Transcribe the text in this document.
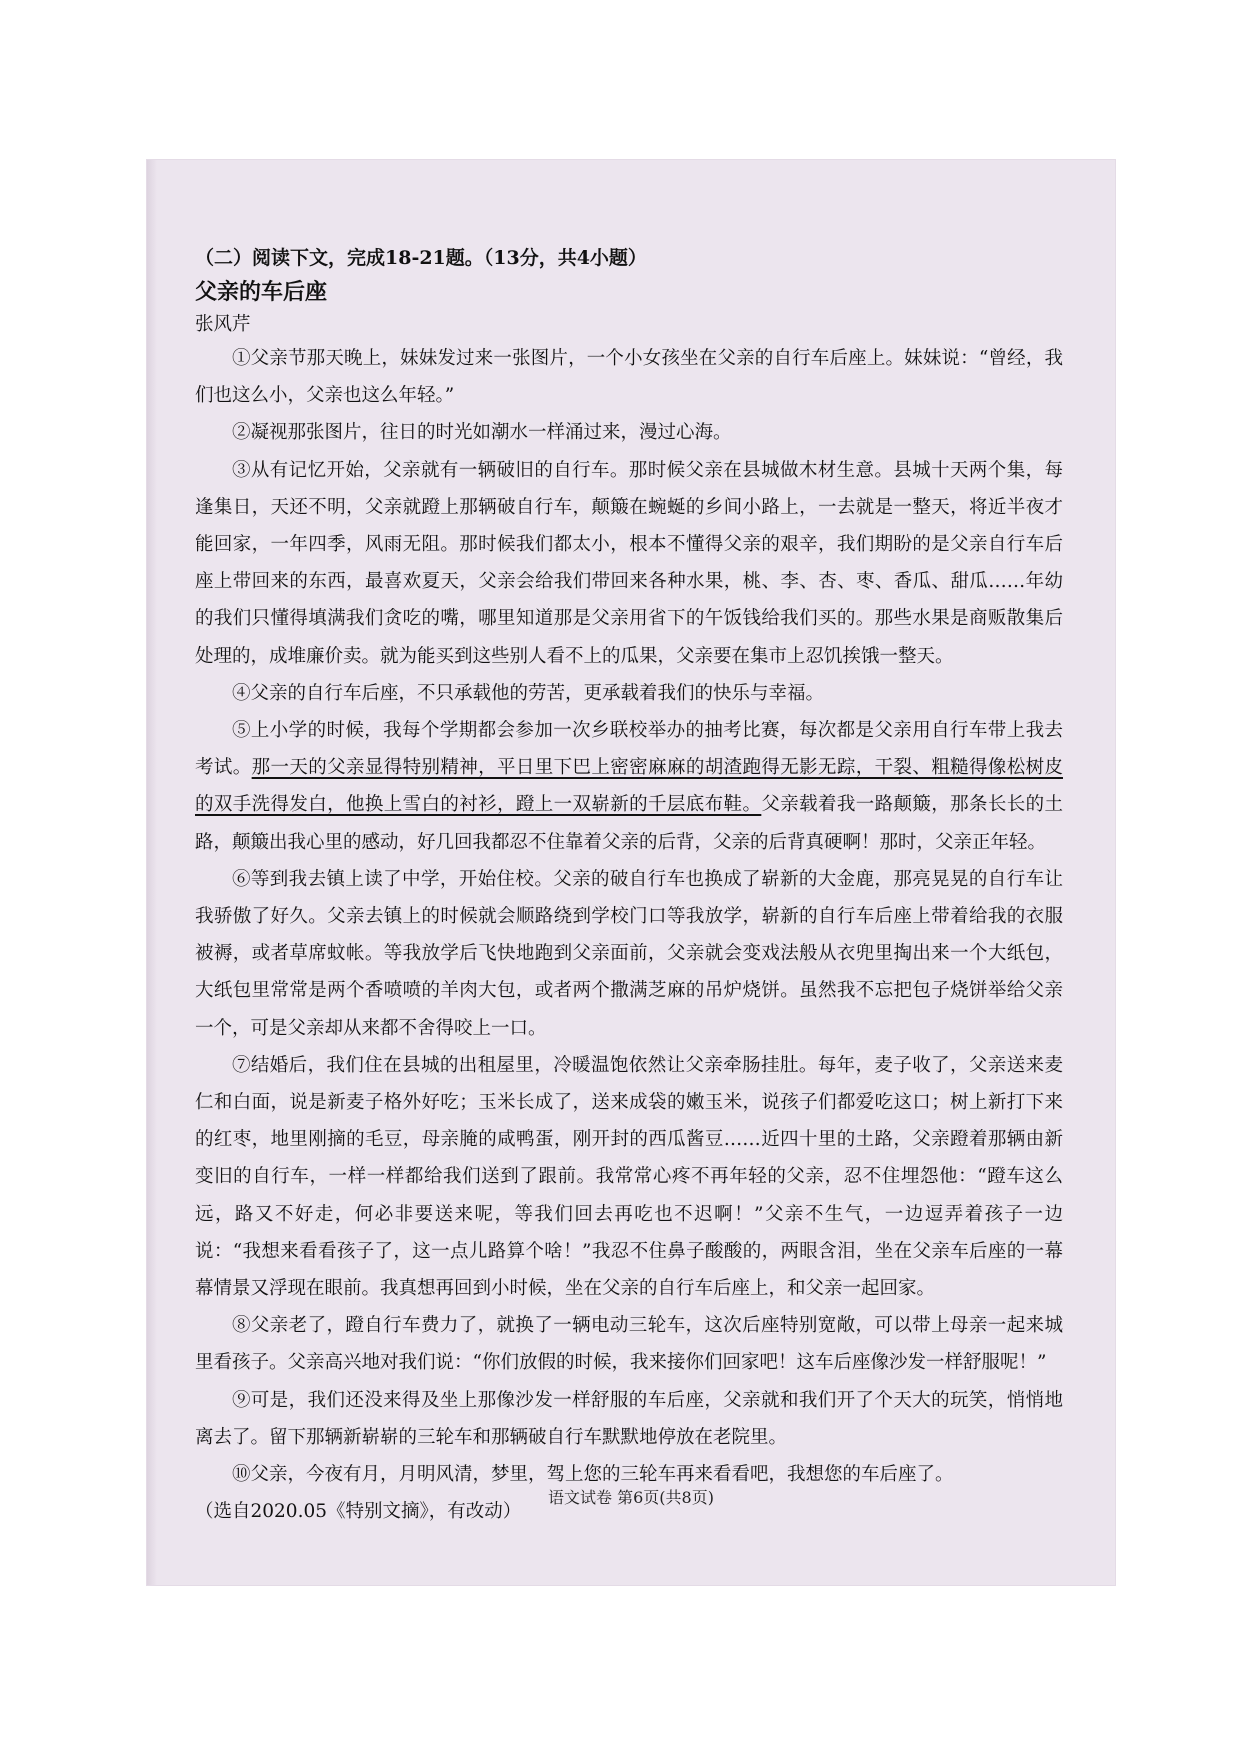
（二）阅读下文，完成18-21题。（13分，共4小题）

父亲的车后座

张风芹

①父亲节那天晚上，妹妹发过来一张图片，一个小女孩坐在父亲的自行车后座上。妹妹说：“曾经，我们也这么小，父亲也这么年轻。”

②凝视那张图片，往日的时光如潮水一样涌过来，漫过心海。

③从有记忆开始，父亲就有一辆破旧的自行车。那时候父亲在县城做木材生意。县城十天两个集，每逢集日，天还不明，父亲就蹬上那辆破自行车，颠簸在蜿蜒的乡间小路上，一去就是一整天，将近半夜才能回家，一年四季，风雨无阻。那时候我们都太小，根本不懂得父亲的艰辛，我们期盼的是父亲自行车后座上带回来的东西，最喜欢夏天，父亲会给我们带回来各种水果，桃、李、杏、枣、香瓜、甜瓜……年幼的我们只懂得填满我们贪吃的嘴，哪里知道那是父亲用省下的午饭钱给我们买的。那些水果是商贩散集后处理的，成堆廉价卖。就为能买到这些别人看不上的瓜果，父亲要在集市上忍饥挨饿一整天。

④父亲的自行车后座，不只承载他的劳苦，更承载着我们的快乐与幸福。

⑤上小学的时候，我每个学期都会参加一次乡联校举办的抽考比赛，每次都是父亲用自行车带上我去考试。那一天的父亲显得特别精神，平日里下巴上密密麻麻的胡渣跑得无影无踪，干裂、粗糙得像松树皮的双手洗得发白，他换上雪白的衬衫，蹬上一双崭新的千层底布鞋。父亲载着我一路颠簸，那条长长的土路，颠簸出我心里的感动，好几回我都忍不住靠着父亲的后背，父亲的后背真硬啊！那时，父亲正年轻。

⑥等到我去镇上读了中学，开始住校。父亲的破自行车也换成了崭新的大金鹿，那亮晃晃的自行车让我骄傲了好久。父亲去镇上的时候就会顺路绕到学校门口等我放学，崭新的自行车后座上带着给我的衣服被褥，或者草席蚊帐。等我放学后飞快地跑到父亲面前，父亲就会变戏法般从衣兜里掏出来一个大纸包，大纸包里常常是两个香喷喷的羊肉大包，或者两个撒满芝麻的吊炉烧饼。虽然我不忘把包子烧饼举给父亲一个，可是父亲却从来都不舍得咬上一口。

⑦结婚后，我们住在县城的出租屋里，冷暖温饱依然让父亲牵肠挂肚。每年，麦子收了，父亲送来麦仁和白面，说是新麦子格外好吃；玉米长成了，送来成袋的嫩玉米，说孩子们都爱吃这口；树上新打下来的红枣，地里刚摘的毛豆，母亲腌的咸鸭蛋，刚开封的西瓜酱豆……近四十里的土路，父亲蹬着那辆由新变旧的自行车，一样一样都给我们送到了跟前。我常常心疼不再年轻的父亲，忍不住埋怨他：“蹬车这么远，路又不好走，何必非要送来呢，等我们回去再吃也不迟啊！”父亲不生气，一边逗弄着孩子一边说：“我想来看看孩子了，这一点儿路算个啥！”我忍不住鼻子酸酸的，两眼含泪，坐在父亲车后座的一幕幕情景又浮现在眼前。我真想再回到小时候，坐在父亲的自行车后座上，和父亲一起回家。

⑧父亲老了，蹬自行车费力了，就换了一辆电动三轮车，这次后座特别宽敞，可以带上母亲一起来城里看孩子。父亲高兴地对我们说：“你们放假的时候，我来接你们回家吧！这车后座像沙发一样舒服呢！”

⑨可是，我们还没来得及坐上那像沙发一样舒服的车后座，父亲就和我们开了个天大的玩笑，悄悄地离去了。留下那辆新崭崭的三轮车和那辆破自行车默默地停放在老院里。

⑩父亲，今夜有月，月明风清，梦里，驾上您的三轮车再来看看吧，我想您的车后座了。

（选自2020.05《特别文摘》，有改动）

语文试卷 第6页(共8页)
